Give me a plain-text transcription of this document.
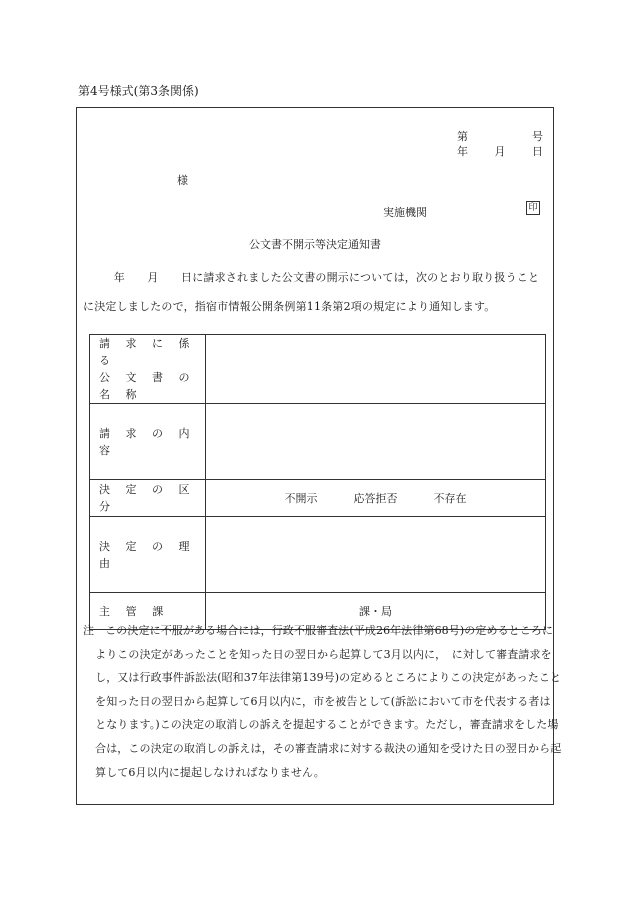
第4号様式(第3条関係)
第	号
年 月 日
様
実施機関	印
公文書不開示等決定通知書
年　　月　　日に請求されました公文書の開示については，次のとおり取り扱うことに決定しましたので，指宿市情報公開条例第11条第2項の規定により通知します。
請 求 に 係 る
公 文 書 の 名 称	

請 求 の 内 容	
決 定 の 区 分	不開示 応答拒否 不存在

決 定 の 理 由	

主 管 課	課・局
注　この決定に不服がある場合には，行政不服審査法(平成26年法律第68号)の定めるところによりこの決定があったことを知った日の翌日から起算して3月以内に，　に対して審査請求をし，又は行政事件訴訟法(昭和37年法律第139号)の定めるところによりこの決定があったことを知った日の翌日から起算して6月以内に，市を被告として(訴訟において市を代表する者は　　となります。)この決定の取消しの訴えを提起することができます。ただし，審査請求をした場合は，この決定の取消しの訴えは，その審査請求に対する裁決の通知を受けた日の翌日から起算して6月以内に提起しなければなりません。
